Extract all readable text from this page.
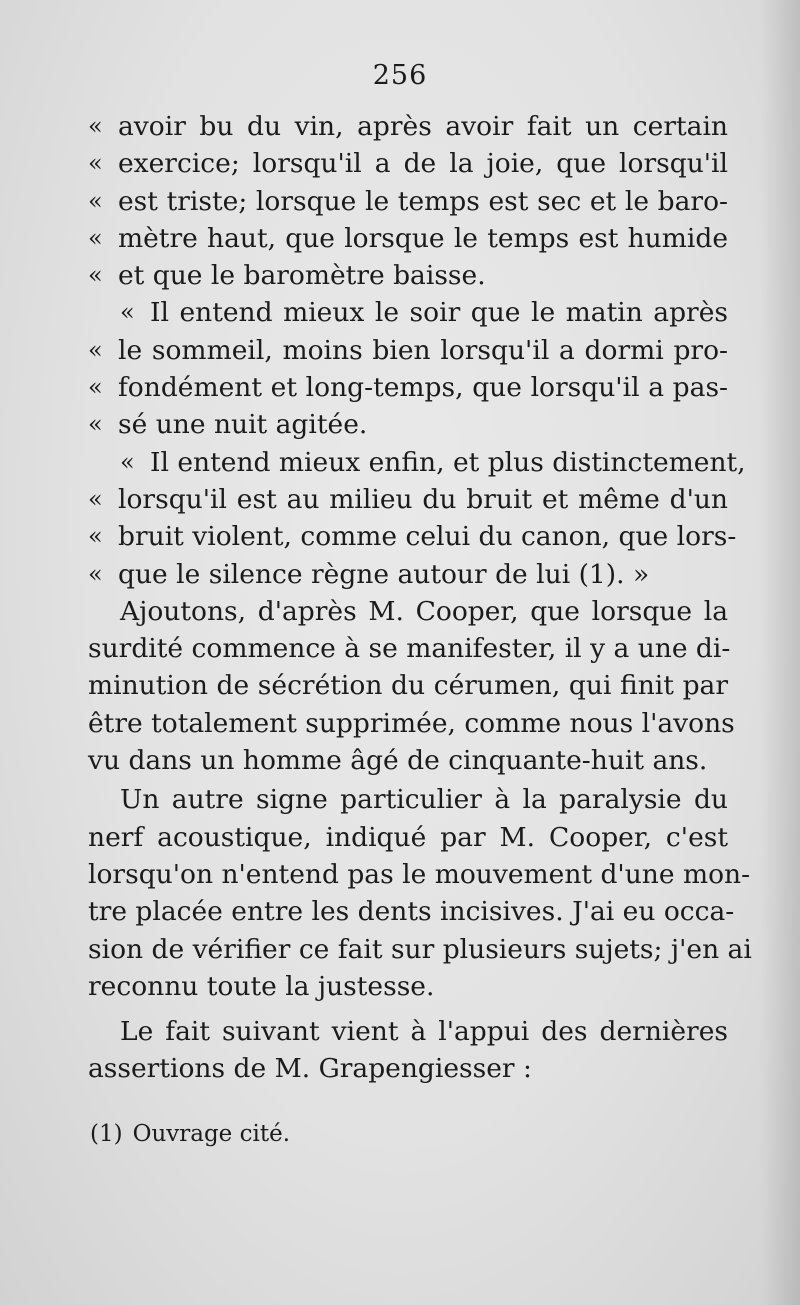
256
« avoir bu du vin, après avoir fait un certain
« exercice; lorsqu'il a de la joie, que lorsqu'il
« est triste; lorsque le temps est sec et le baro-
« mètre haut, que lorsque le temps est humide
« et que le baromètre baisse.
« Il entend mieux le soir que le matin après
« le sommeil, moins bien lorsqu'il a dormi pro-
« fondément et long-temps, que lorsqu'il a pas-
« sé une nuit agitée.
« Il entend mieux enfin, et plus distinctement,
« lorsqu'il est au milieu du bruit et même d'un
« bruit violent, comme celui du canon, que lors-
« que le silence règne autour de lui (1). »
Ajoutons, d'après M. Cooper, que lorsque la
surdité commence à se manifester, il y a une di-
minution de sécrétion du cérumen, qui finit par
être totalement supprimée, comme nous l'avons
vu dans un homme âgé de cinquante-huit ans.
Un autre signe particulier à la paralysie du
nerf acoustique, indiqué par M. Cooper, c'est
lorsqu'on n'entend pas le mouvement d'une mon-
tre placée entre les dents incisives. J'ai eu occa-
sion de vérifier ce fait sur plusieurs sujets; j'en ai
reconnu toute la justesse.
Le fait suivant vient à l'appui des dernières
assertions de M. Grapengiesser :
(1) Ouvrage cité.
